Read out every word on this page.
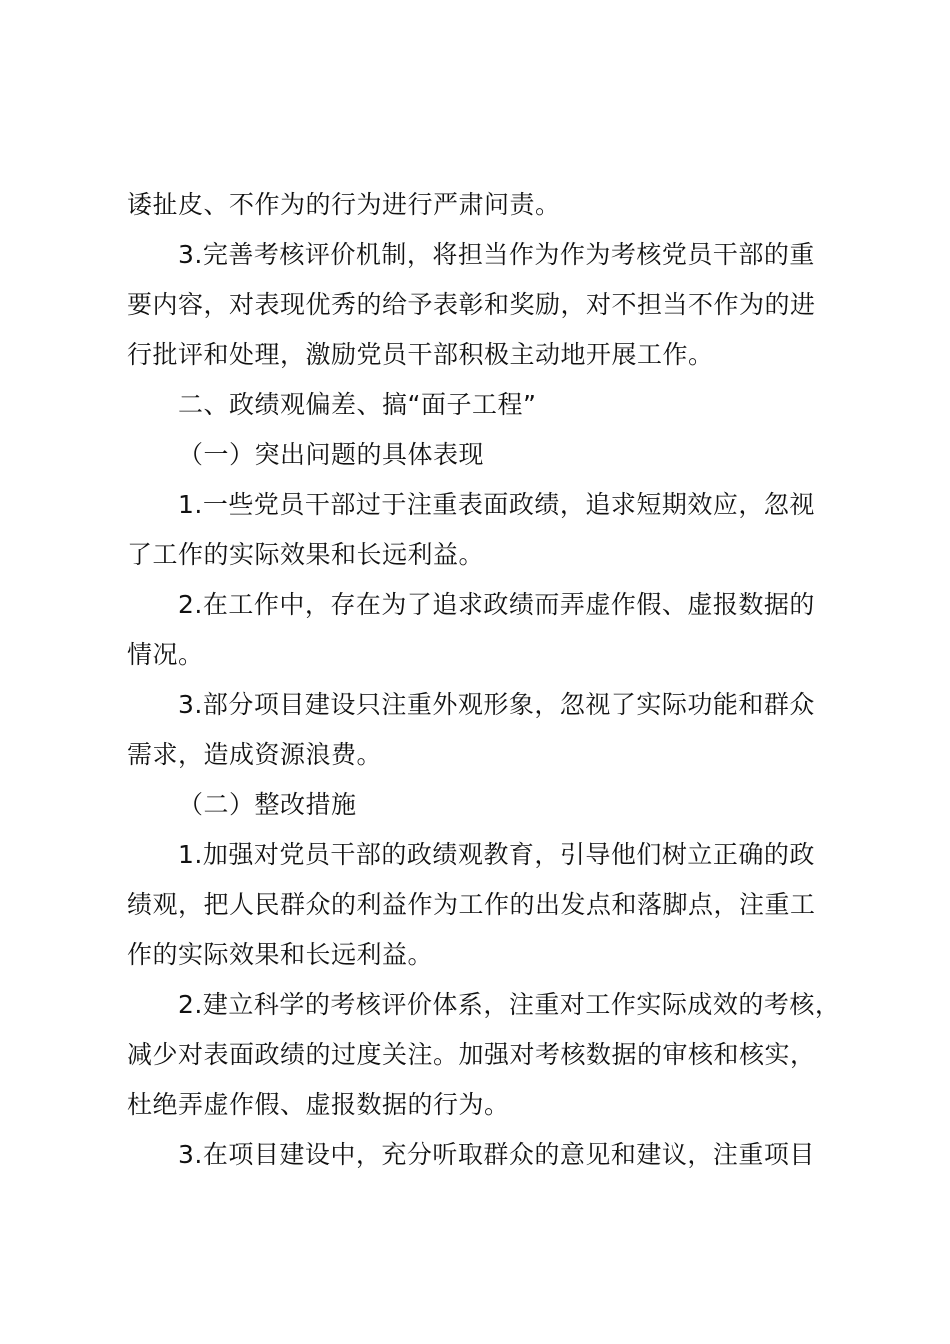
诿扯皮、不作为的行为进行严肃问责。
3.完善考核评价机制，将担当作为作为考核党员干部的重
要内容，对表现优秀的给予表彰和奖励，对不担当不作为的进
行批评和处理，激励党员干部积极主动地开展工作。
二、政绩观偏差、搞“面子工程”
（一）突出问题的具体表现
1.一些党员干部过于注重表面政绩，追求短期效应，忽视
了工作的实际效果和长远利益。
2.在工作中，存在为了追求政绩而弄虚作假、虚报数据的
情况。
3.部分项目建设只注重外观形象，忽视了实际功能和群众
需求，造成资源浪费。
（二）整改措施
1.加强对党员干部的政绩观教育，引导他们树立正确的政
绩观，把人民群众的利益作为工作的出发点和落脚点，注重工
作的实际效果和长远利益。
2.建立科学的考核评价体系，注重对工作实际成效的考核，
减少对表面政绩的过度关注。加强对考核数据的审核和核实，
杜绝弄虚作假、虚报数据的行为。
3.在项目建设中，充分听取群众的意见和建议，注重项目
